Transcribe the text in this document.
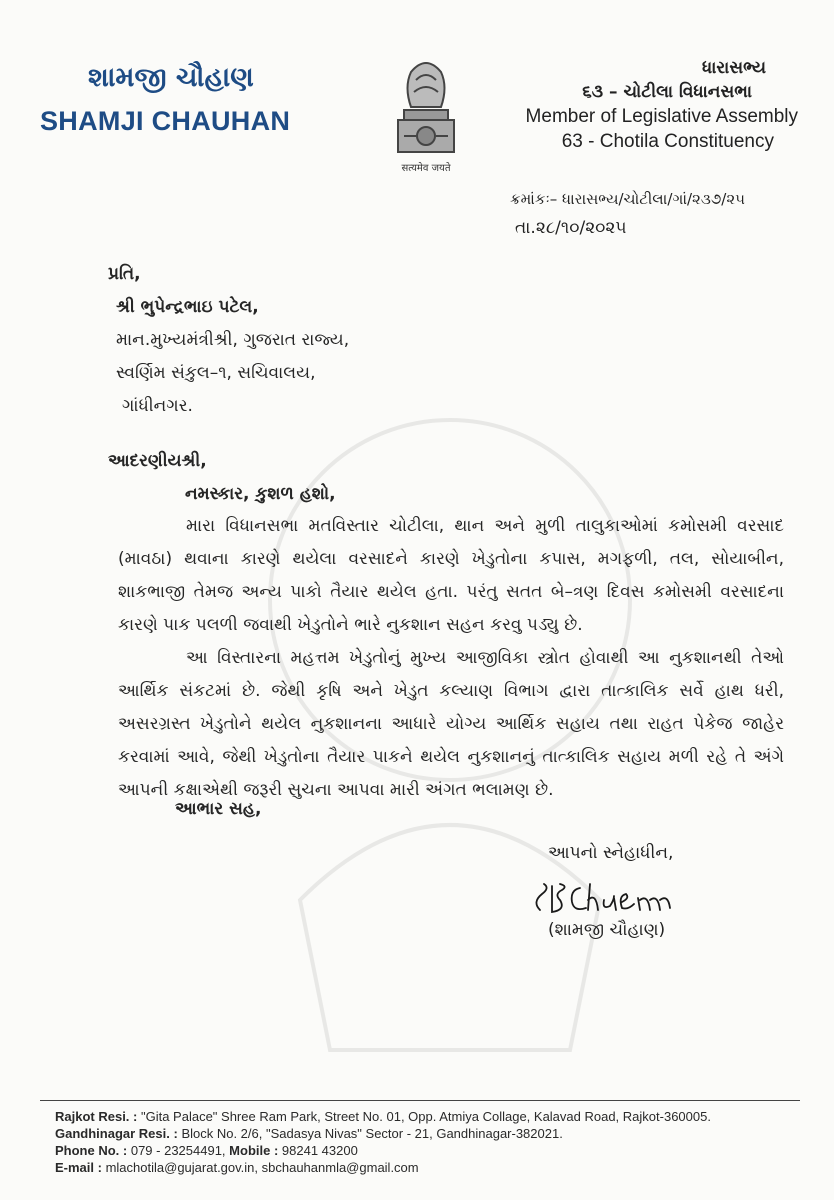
શામજી ચૌહાણ
SHAMJI CHAUHAN
सत्यमेव जयते
ધારાસભ્ય
૬૩ – ચોટીલા વિધાનસભા
Member of Legislative Assembly
63 - Chotila Constituency
ક્રમાંકઃ– ધારાસભ્ય/ચોટીલા/ગાં/૨૩૭/૨૫
તા.૨૮/૧૦/૨૦૨૫
પ્રતિ,
શ્રી ભુપેન્દ્રભાઇ પટેલ,
માન.મુખ્યમંત્રીશ્રી, ગુજરાત રાજ્ય,
સ્વર્ણિમ સંકુલ–૧, સચિવાલય,
ગાંધીનગર.
આદરણીયશ્રી,
નમસ્કાર, કુશળ હશો,

મારા વિધાનસભા મતવિસ્તાર ચોટીલા, થાન અને મુળી તાલુકાઓમાં કમોસમી વરસાદ (માવઠા) થવાના કારણે થયેલા વરસાદને કારણે ખેડુતોના કપાસ, મગફળી, તલ, સોયાબીન, શાકભાજી તેમજ અન્ય પાકો તૈયાર થયેલ હતા. પરંતુ સતત બે–ત્રણ દિવસ કમોસમી વરસાદના કારણે પાક પલળી જવાથી ખેડુતોને ભારે નુકશાન સહન કરવુ પડ્યુ છે.

આ વિસ્તારના મહત્તમ ખેડુતોનું મુખ્ય આજીવિકા સ્ત્રોત હોવાથી આ નુકશાનથી તેઓ આર્થિક સંકટમાં છે. જેથી કૃષિ અને ખેડુત કલ્યાણ વિભાગ દ્વારા તાત્કાલિક સર્વે હાથ ધરી, અસરગ્રસ્ત ખેડુતોને થયેલ નુકશાનના આધારે યોગ્ય આર્થિક સહાય તથા રાહત પેકેજ જાહેર કરવામાં આવે, જેથી ખેડુતોના તૈયાર પાકને થયેલ નુકશાનનું તાત્કાલિક સહાય મળી રહે તે અંગે આપની કક્ષાએથી જરૂરી સુચના આપવા મારી અંગત ભલામણ છે.

આભાર સહ,
આપનો સ્નેહાધીન,
(શામજી ચૌહાણ)
Rajkot Resi. : "Gita Palace" Shree Ram Park, Street No. 01, Opp. Atmiya Collage, Kalavad Road, Rajkot-360005.
Gandhinagar Resi. : Block No. 2/6, "Sadasya Nivas" Sector - 21, Gandhinagar-382021.
Phone No. : 079 - 23254491, Mobile : 98241 43200
E-mail : mlachotila@gujarat.gov.in, sbchauhanmla@gmail.com
